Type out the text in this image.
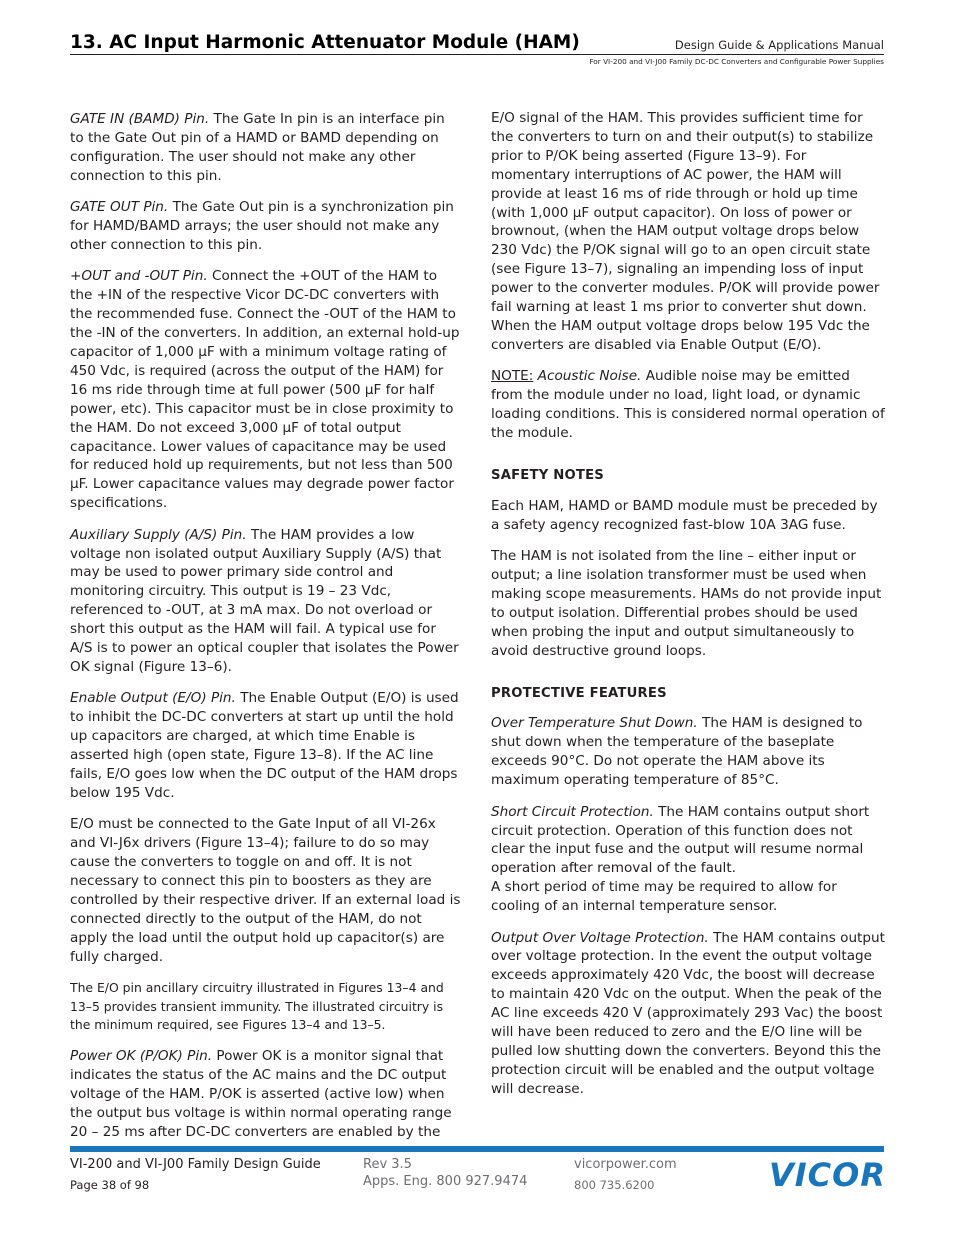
13. AC Input Harmonic Attenuator Module (HAM)	Design Guide & Applications Manual
For VI-200 and VI-J00 Family DC-DC Converters and Configurable Power Supplies

GATE IN (BAMD) Pin. The Gate In pin is an interface pin to the Gate Out pin of a HAMD or BAMD depending on configuration. The user should not make any other connection to this pin.

GATE OUT Pin. The Gate Out pin is a synchronization pin for HAMD/BAMD arrays; the user should not make any other connection to this pin.

+OUT and -OUT Pin. Connect the +OUT of the HAM to the +IN of the respective Vicor DC-DC converters with the recommended fuse. Connect the -OUT of the HAM to the -IN of the converters. In addition, an external hold-up capacitor of 1,000 µF with a minimum voltage rating of 450 Vdc, is required (across the output of the HAM) for 16 ms ride through time at full power (500 µF for half power, etc). This capacitor must be in close proximity to the HAM. Do not exceed 3,000 µF of total output capacitance. Lower values of capacitance may be used for reduced hold up requirements, but not less than 500 µF. Lower capacitance values may degrade power factor specifications.

Auxiliary Supply (A/S) Pin. The HAM provides a low voltage non isolated output Auxiliary Supply (A/S) that may be used to power primary side control and monitoring circuitry. This output is 19 – 23 Vdc, referenced to -OUT, at 3 mA max. Do not overload or short this output as the HAM will fail. A typical use for A/S is to power an optical coupler that isolates the Power OK signal (Figure 13–6).

Enable Output (E/O) Pin. The Enable Output (E/O) is used to inhibit the DC-DC converters at start up until the hold up capacitors are charged, at which time Enable is asserted high (open state, Figure 13–8). If the AC line fails, E/O goes low when the DC output of the HAM drops below 195 Vdc.

E/O must be connected to the Gate Input of all VI-26x and VI-J6x drivers (Figure 13–4); failure to do so may cause the converters to toggle on and off. It is not necessary to connect this pin to boosters as they are controlled by their respective driver. If an external load is connected directly to the output of the HAM, do not apply the load until the output hold up capacitor(s) are fully charged.

The E/O pin ancillary circuitry illustrated in Figures 13–4 and 13–5 provides transient immunity. The illustrated circuitry is the minimum required, see Figures 13–4 and 13–5.

Power OK (P/OK) Pin. Power OK is a monitor signal that indicates the status of the AC mains and the DC output voltage of the HAM. P/OK is asserted (active low) when the output bus voltage is within normal operating range 20 – 25 ms after DC-DC converters are enabled by the

E/O signal of the HAM. This provides sufficient time for the converters to turn on and their output(s) to stabilize prior to P/OK being asserted (Figure 13–9). For momentary interruptions of AC power, the HAM will provide at least 16 ms of ride through or hold up time (with 1,000 µF output capacitor). On loss of power or brownout, (when the HAM output voltage drops below 230 Vdc) the P/OK signal will go to an open circuit state (see Figure 13–7), signaling an impending loss of input power to the converter modules. P/OK will provide power fail warning at least 1 ms prior to converter shut down. When the HAM output voltage drops below 195 Vdc the converters are disabled via Enable Output (E/O).

NOTE: Acoustic Noise. Audible noise may be emitted from the module under no load, light load, or dynamic loading conditions. This is considered normal operation of the module.

SAFETY NOTES

Each HAM, HAMD or BAMD module must be preceded by a safety agency recognized fast-blow 10A 3AG fuse.

The HAM is not isolated from the line – either input or output; a line isolation transformer must be used when making scope measurements. HAMs do not provide input to output isolation. Differential probes should be used when probing the input and output simultaneously to avoid destructive ground loops.

PROTECTIVE FEATURES

Over Temperature Shut Down. The HAM is designed to shut down when the temperature of the baseplate exceeds 90°C. Do not operate the HAM above its maximum operating temperature of 85°C.

Short Circuit Protection. The HAM contains output short circuit protection. Operation of this function does not clear the input fuse and the output will resume normal operation after removal of the fault.
A short period of time may be required to allow for cooling of an internal temperature sensor.

Output Over Voltage Protection. The HAM contains output over voltage protection. In the event the output voltage exceeds approximately 420 Vdc, the boost will decrease to maintain 420 Vdc on the output. When the peak of the AC line exceeds 420 V (approximately 293 Vac) the boost will have been reduced to zero and the E/O line will be pulled low shutting down the converters. Beyond this the protection circuit will be enabled and the output voltage will decrease.

VI-200 and VI-J00 Family Design Guide
Page 38 of 98
Rev 3.5
Apps. Eng. 800 927.9474
vicorpower.com
800 735.6200	VICOR
